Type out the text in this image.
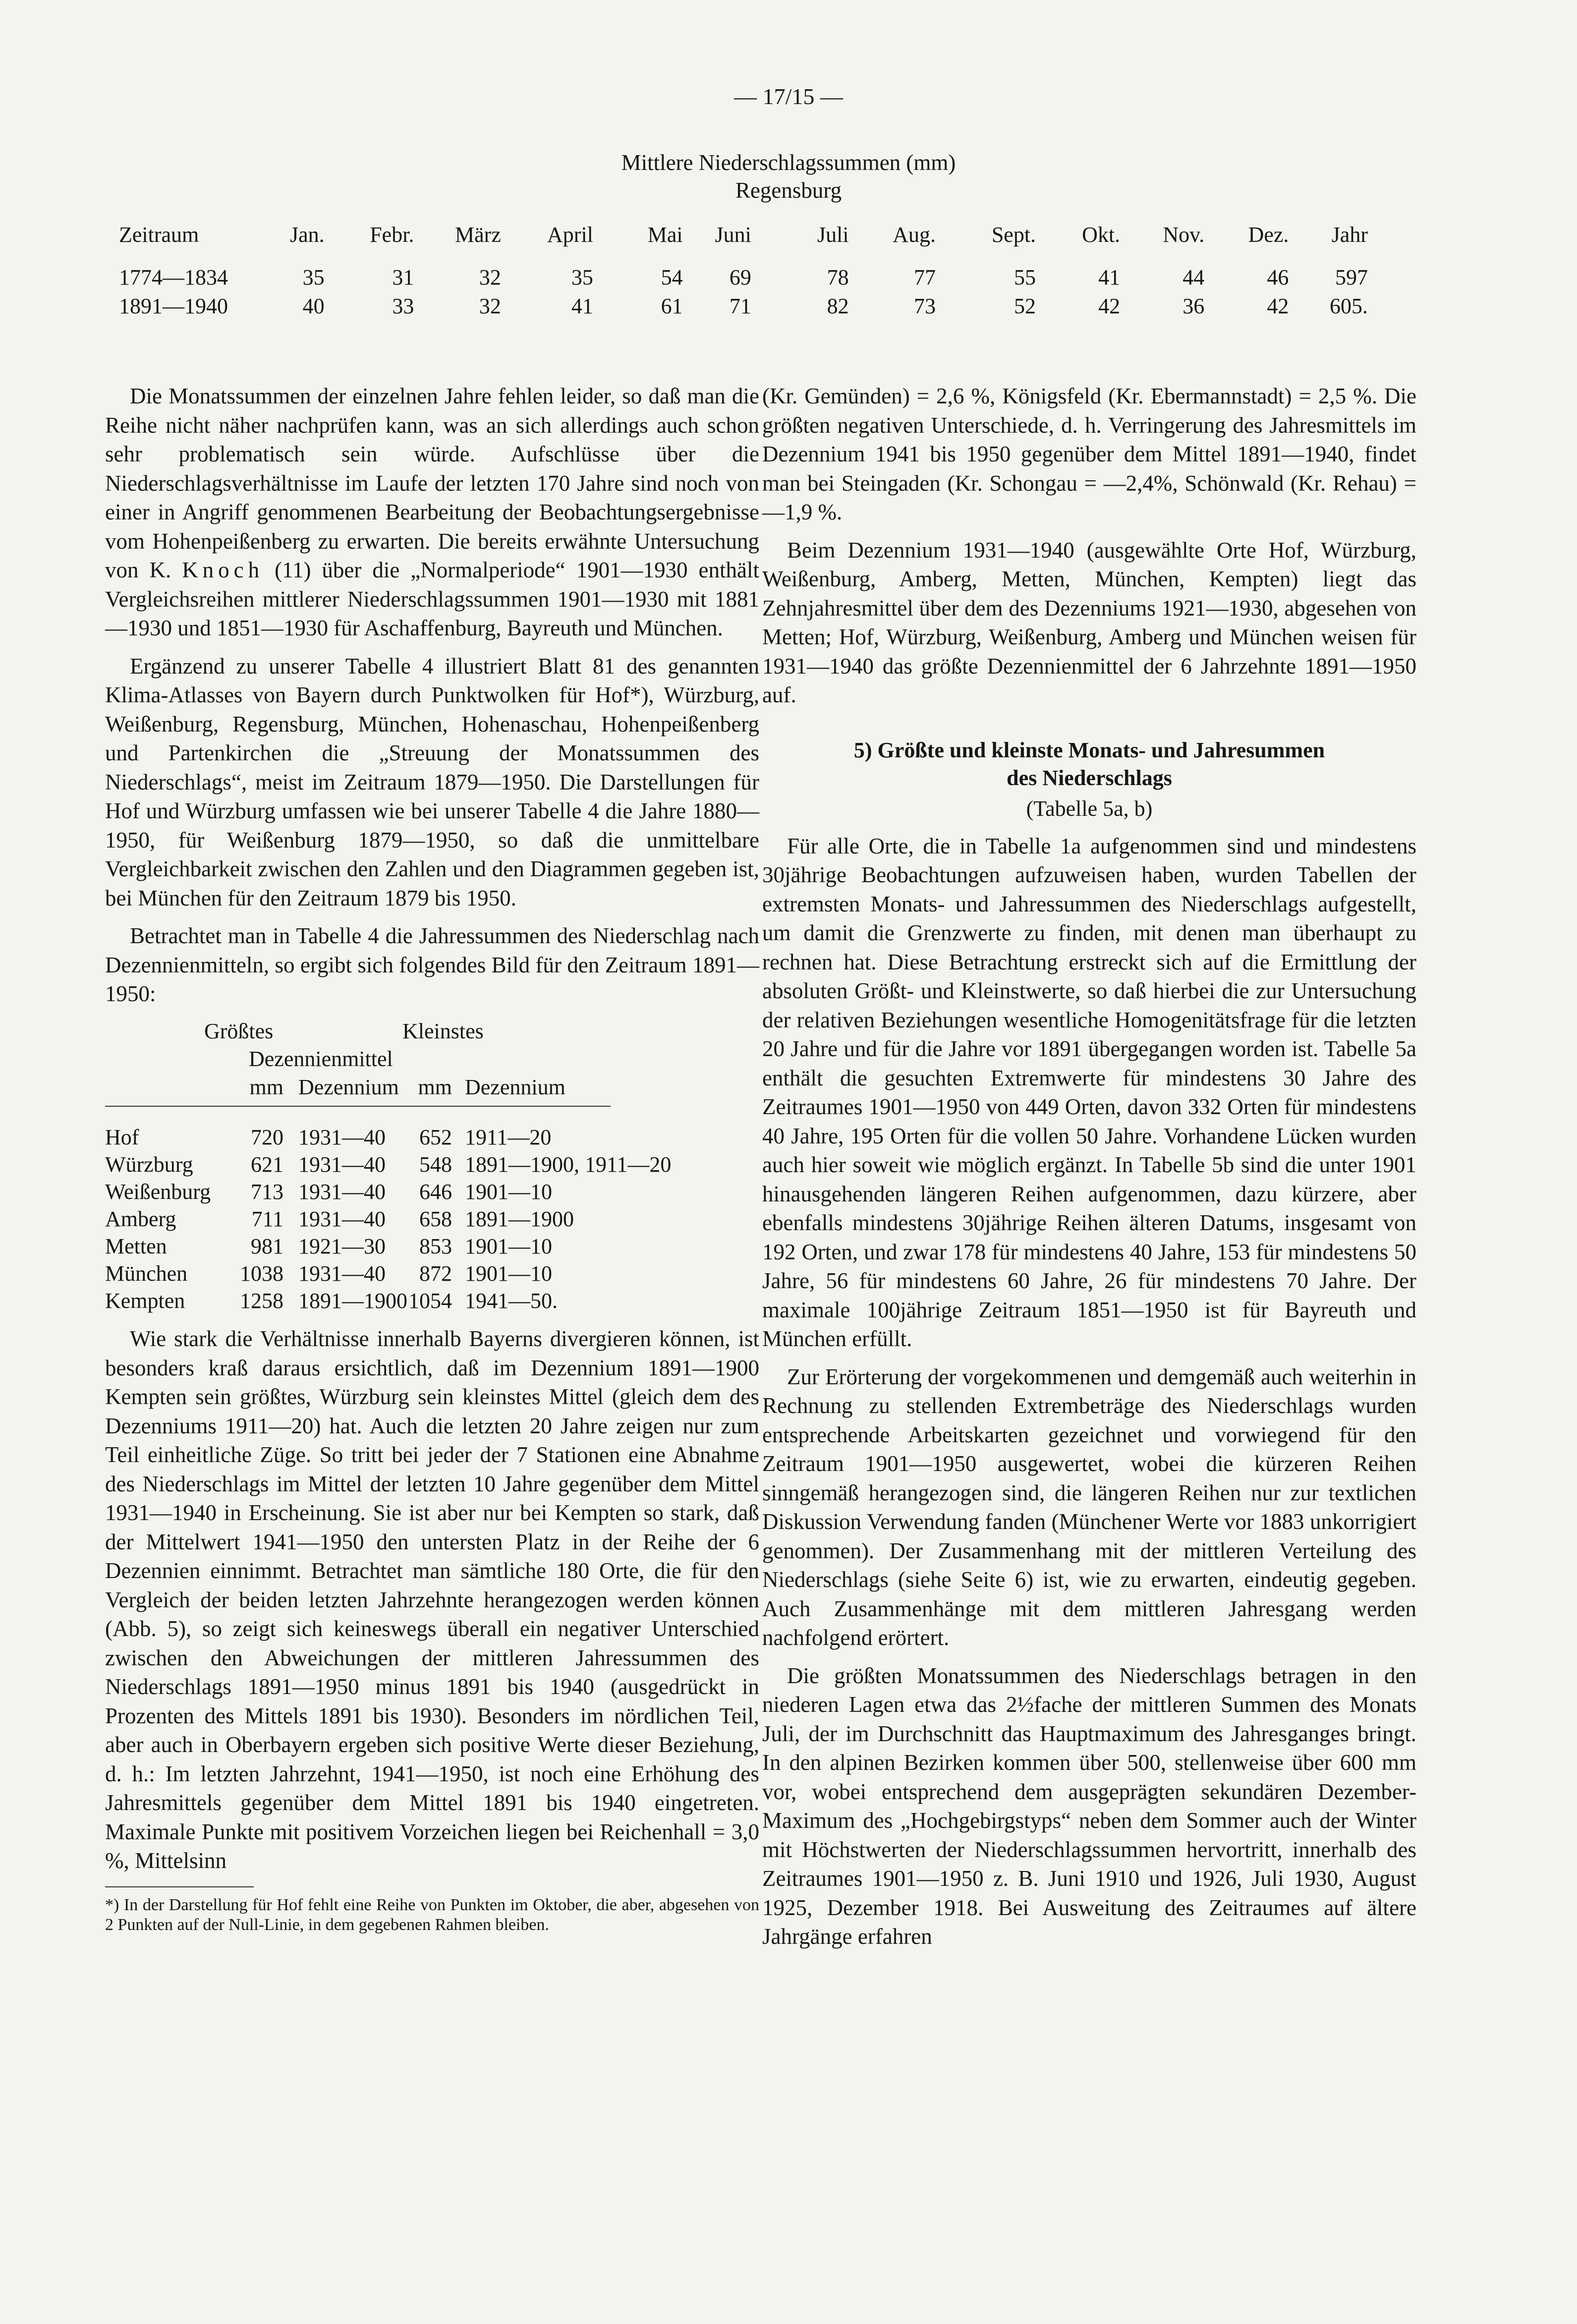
— 17/15 —
Mittlere Niederschlagssummen (mm)
Regensburg
Zeitraum	Jan.	Febr.	März	April	Mai	Juni	Juli	Aug.	Sept.	Okt.	Nov.	Dez.	Jahr
1774—1834	35	31	32	35	54	69	78	77	55	41	44	46	597
1891—1940	40	33	32	41	61	71	82	73	52	42	36	42	605.

Die Monatssummen der einzelnen Jahre fehlen leider, so daß man die Reihe nicht näher nachprüfen kann, was an sich allerdings auch schon sehr problematisch sein würde. Aufschlüsse über die Niederschlagsverhältnisse im Laufe der letzten 170 Jahre sind noch von einer in Angriff genommenen Bearbeitung der Beobachtungsergebnisse vom Hohenpeißenberg zu erwarten. Die bereits erwähnte Untersuchung von K. Knoch (11) über die „Normalperiode“ 1901—1930 enthält Vergleichsreihen mittlerer Niederschlagssummen 1901—1930 mit 1881—1930 und 1851—1930 für Aschaffenburg, Bayreuth und München.

Ergänzend zu unserer Tabelle 4 illustriert Blatt 81 des genannten Klima-Atlasses von Bayern durch Punktwolken für Hof*), Würzburg, Weißenburg, Regensburg, München, Hohenaschau, Hohenpeißenberg und Partenkirchen die „Streuung der Monatssummen des Niederschlags“, meist im Zeitraum 1879—1950. Die Darstellungen für Hof und Würzburg umfassen wie bei unserer Tabelle 4 die Jahre 1880—1950, für Weißenburg 1879—1950, so daß die unmittelbare Vergleichbarkeit zwischen den Zahlen und den Diagrammen gegeben ist, bei München für den Zeitraum 1879 bis 1950.

Betrachtet man in Tabelle 4 die Jahressummen des Niederschlag nach Dezennienmitteln, so ergibt sich folgendes Bild für den Zeitraum 1891—1950:

Größtes	Kleinstes
Dezennienmittel
	mm	Dezennium	mm	Dezennium

Hof	720	1931—40	652	1911—20
Würzburg	621	1931—40	548	1891—1900, 1911—20
Weißenburg	713	1931—40	646	1901—10
Amberg	711	1931—40	658	1891—1900
Metten	981	1921—30	853	1901—10
München	1038	1931—40	872	1901—10
Kempten	1258	1891—1900	1054	1941—50.

Wie stark die Verhältnisse innerhalb Bayerns divergieren können, ist besonders kraß daraus ersichtlich, daß im Dezennium 1891—1900 Kempten sein größtes, Würzburg sein kleinstes Mittel (gleich dem des Dezenniums 1911—20) hat. Auch die letzten 20 Jahre zeigen nur zum Teil einheitliche Züge. So tritt bei jeder der 7 Stationen eine Abnahme des Niederschlags im Mittel der letzten 10 Jahre gegenüber dem Mittel 1931—1940 in Erscheinung. Sie ist aber nur bei Kempten so stark, daß der Mittelwert 1941—1950 den untersten Platz in der Reihe der 6 Dezennien einnimmt. Betrachtet man sämtliche 180 Orte, die für den Vergleich der beiden letzten Jahrzehnte herangezogen werden können (Abb. 5), so zeigt sich keineswegs überall ein negativer Unterschied zwischen den Abweichungen der mittleren Jahressummen des Niederschlags 1891—1950 minus 1891 bis 1940 (ausgedrückt in Prozenten des Mittels 1891 bis 1930). Besonders im nördlichen Teil, aber auch in Oberbayern ergeben sich positive Werte dieser Beziehung, d. h.: Im letzten Jahrzehnt, 1941—1950, ist noch eine Erhöhung des Jahresmittels gegenüber dem Mittel 1891 bis 1940 eingetreten. Maximale Punkte mit positivem Vorzeichen liegen bei Reichenhall = 3,0 %, Mittelsinn

*) In der Darstellung für Hof fehlt eine Reihe von Punkten im Oktober, die aber, abgesehen von 2 Punkten auf der Null-Linie, in dem gegebenen Rahmen bleiben.

(Kr. Gemünden) = 2,6 %, Königsfeld (Kr. Ebermannstadt) = 2,5 %. Die größten negativen Unterschiede, d. h. Verringerung des Jahresmittels im Dezennium 1941 bis 1950 gegenüber dem Mittel 1891—1940, findet man bei Steingaden (Kr. Schongau = —2,4%, Schönwald (Kr. Rehau) = —1,9 %.

Beim Dezennium 1931—1940 (ausgewählte Orte Hof, Würzburg, Weißenburg, Amberg, Metten, München, Kempten) liegt das Zehnjahresmittel über dem des Dezenniums 1921—1930, abgesehen von Metten; Hof, Würzburg, Weißenburg, Amberg und München weisen für 1931—1940 das größte Dezennienmittel der 6 Jahrzehnte 1891—1950 auf.

5) Größte und kleinste Monats- und Jahresummen
des Niederschlags
(Tabelle 5a, b)

Für alle Orte, die in Tabelle 1a aufgenommen sind und mindestens 30jährige Beobachtungen aufzuweisen haben, wurden Tabellen der extremsten Monats- und Jahressummen des Niederschlags aufgestellt, um damit die Grenzwerte zu finden, mit denen man überhaupt zu rechnen hat. Diese Betrachtung erstreckt sich auf die Ermittlung der absoluten Größt- und Kleinstwerte, so daß hierbei die zur Untersuchung der relativen Beziehungen wesentliche Homogenitätsfrage für die letzten 20 Jahre und für die Jahre vor 1891 übergegangen worden ist. Tabelle 5a enthält die gesuchten Extremwerte für mindestens 30 Jahre des Zeitraumes 1901—1950 von 449 Orten, davon 332 Orten für mindestens 40 Jahre, 195 Orten für die vollen 50 Jahre. Vorhandene Lücken wurden auch hier soweit wie möglich ergänzt. In Tabelle 5b sind die unter 1901 hinausgehenden längeren Reihen aufgenommen, dazu kürzere, aber ebenfalls mindestens 30jährige Reihen älteren Datums, insgesamt von 192 Orten, und zwar 178 für mindestens 40 Jahre, 153 für mindestens 50 Jahre, 56 für mindestens 60 Jahre, 26 für mindestens 70 Jahre. Der maximale 100jährige Zeitraum 1851—1950 ist für Bayreuth und München erfüllt.

Zur Erörterung der vorgekommenen und demgemäß auch weiterhin in Rechnung zu stellenden Extrembeträge des Niederschlags wurden entsprechende Arbeitskarten gezeichnet und vorwiegend für den Zeitraum 1901—1950 ausgewertet, wobei die kürzeren Reihen sinngemäß herangezogen sind, die längeren Reihen nur zur textlichen Diskussion Verwendung fanden (Münchener Werte vor 1883 unkorrigiert genommen). Der Zusammenhang mit der mittleren Verteilung des Niederschlags (siehe Seite 6) ist, wie zu erwarten, eindeutig gegeben. Auch Zusammenhänge mit dem mittleren Jahresgang werden nachfolgend erörtert.

Die größten Monatssummen des Niederschlags betragen in den niederen Lagen etwa das 2½fache der mittleren Summen des Monats Juli, der im Durchschnitt das Hauptmaximum des Jahresganges bringt. In den alpinen Bezirken kommen über 500, stellenweise über 600 mm vor, wobei entsprechend dem ausgeprägten sekundären Dezember-Maximum des „Hochgebirgstyps“ neben dem Sommer auch der Winter mit Höchstwerten der Niederschlagssummen hervortritt, innerhalb des Zeitraumes 1901—1950 z. B. Juni 1910 und 1926, Juli 1930, August 1925, Dezember 1918. Bei Ausweitung des Zeitraumes auf ältere Jahrgänge erfahren
